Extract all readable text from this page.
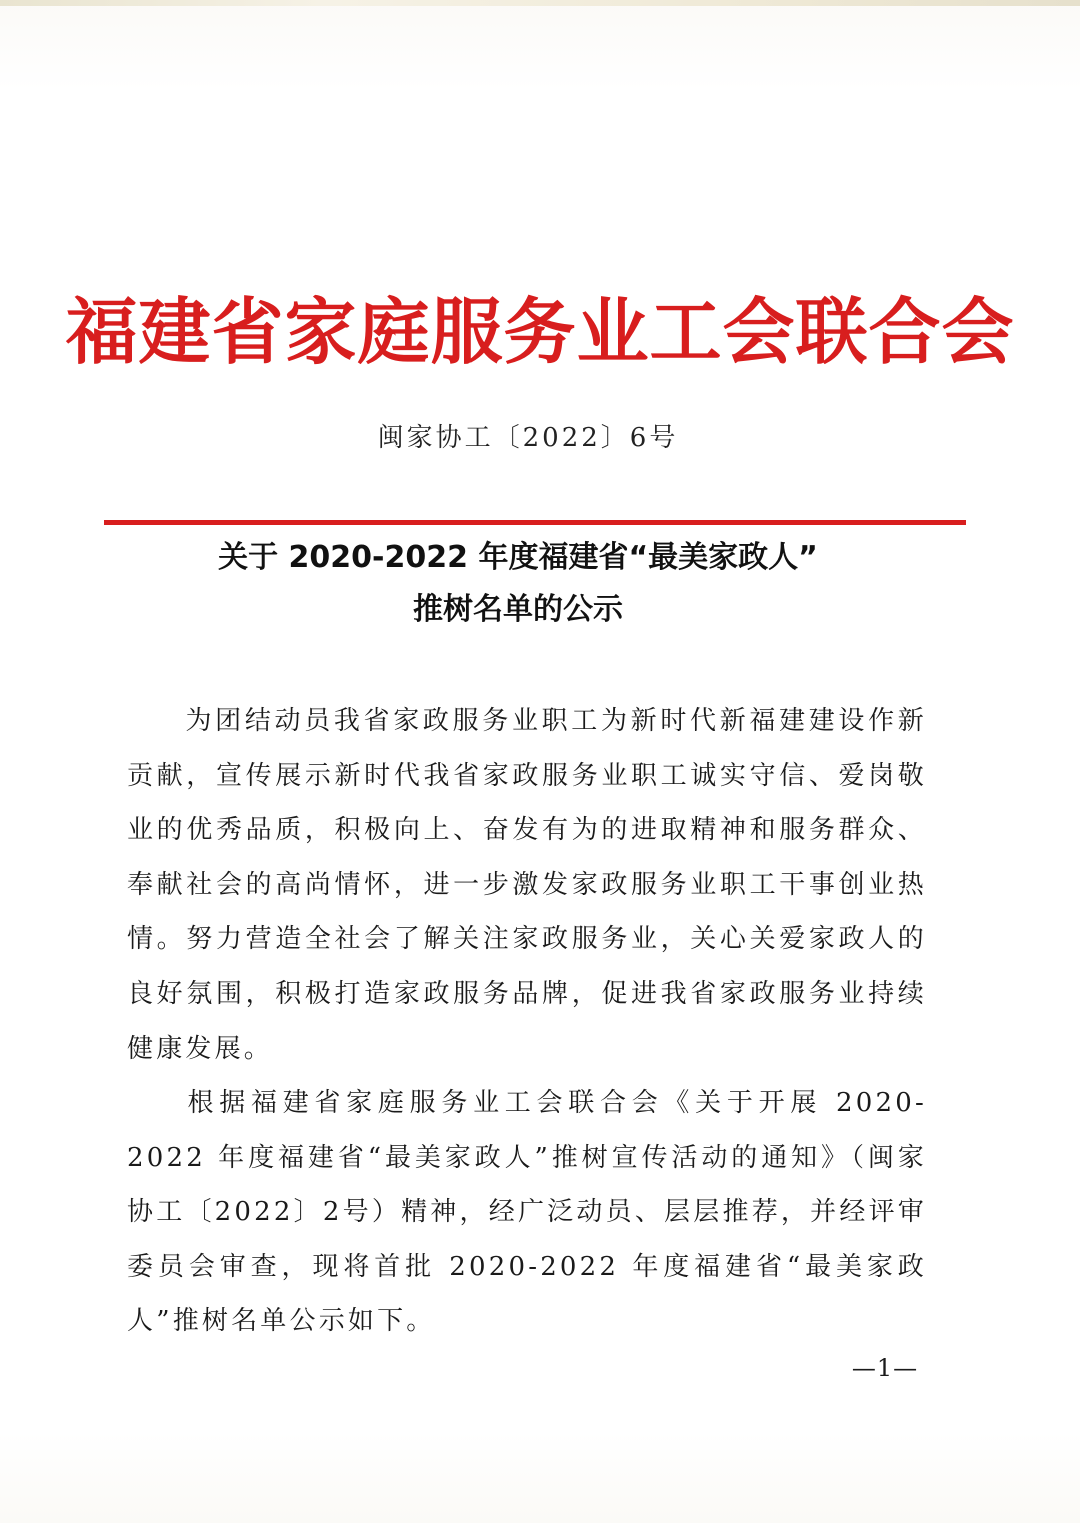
福建省家庭服务业工会联合会
闽家协工〔2022〕6号
关于 2020-2022 年度福建省“最美家政人”
推树名单的公示
为团结动员我省家政服务业职工为新时代新福建建设作新贡献，宣传展示新时代我省家政服务业职工诚实守信、爱岗敬业的优秀品质，积极向上、奋发有为的进取精神和服务群众、奉献社会的高尚情怀，进一步激发家政服务业职工干事创业热情。努力营造全社会了解关注家政服务业，关心关爱家政人的良好氛围，积极打造家政服务品牌，促进我省家政服务业持续健康发展。
根据福建省家庭服务业工会联合会《关于开展 2020-2022 年度福建省“最美家政人”推树宣传活动的通知》（闽家协工〔2022〕2号）精神，经广泛动员、层层推荐，并经评审委员会审查，现将首批 2020-2022 年度福建省“最美家政人”推树名单公示如下。
—1—
